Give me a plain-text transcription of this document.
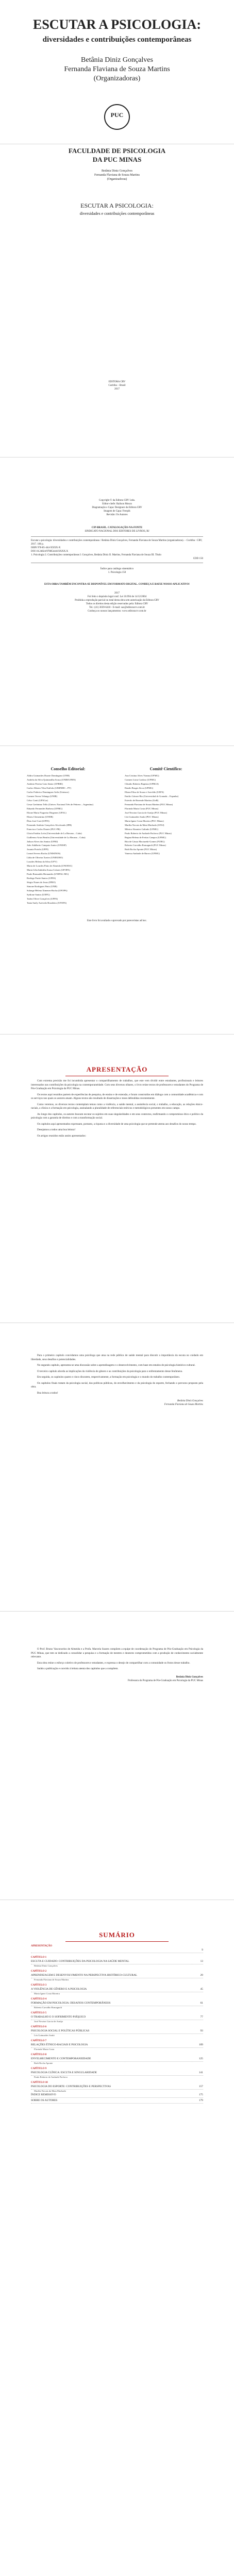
ESCUTAR A PSICOLOGIA:

diversidades e contribuições contemporâneas

Betânia Diniz Gonçalves
Fernanda Flaviana de Souza Martins
(Organizadoras)
PUC
FACULDADE DE PSICOLOGIA
DA PUC MINAS
Betânia Diniz Gonçalves
Fernanda Flaviana de Souza Martins
(Organizadoras)
ESCUTAR A PSICOLOGIA:
diversidades e contribuições contemporâneas
EDITORA CRV
Curitiba – Brasil
2017
Copyright © da Editora CRV Ltda.
Editor-chefe: Railson Moura
Diagramação e Capa: Designers da Editora CRV
Imagem de Capa: Freepik
Revisão: Os Autores
CIP-BRASIL. CATALOGAÇÃO-NA-FONTE
SINDICATO NACIONAL DOS EDITORES DE LIVROS, RJ
Escutar a psicologia: diversidades e contribuições contemporâneas / Betânia Diniz Gonçalves, Fernanda Flaviana de Souza Martins (organizadoras). – Curitiba : CRV, 2017. 186 p.
ISBN 978-85-444-XXXX-X
DOI 10.24824/978854441XXXX.X
1. Psicologia 2. Contribuições contemporâneas I. Gonçalves, Betânia Diniz II. Martins, Fernanda Flaviana de Souza III. Título
CDD 150
Índice para catálogo sistemático
1. Psicologia 150
ESTA OBRA TAMBÉM ENCONTRA-SE DISPONÍVEL EM FORMATO DIGITAL. CONHEÇA E BAIXE NOSSO APLICATIVO!
2017
Foi feito o depósito legal conf. Lei 10.994 de 14/12/2004
Proibida a reprodução parcial ou total desta obra sem autorização da Editora CRV
Todos os direitos desta edição reservados pela: Editora CRV
Tel.: (41) 3039-6418 - E-mail: sac@editoracrv.com.br
Conheça os nossos lançamentos: www.editoracrv.com.br
Conselho Editorial:

Aldira Guimarães Duarte Domínguez (UNB)

Andréia da Silva Quintanilha Sousa (UNIR/UFRN)

Antônio Pereira Gaio Júnior (UFRRJ)

Carlos Alberto Vilar Estêvão (UMINHO – PT)

Carlos Federico Dominguez Avila (Unieuro)

Carmen Tereza Velanga (UNIR)

Celso Conti (UFSCar)

Cesar Gerônimo Tello (Univer. Nacional Três de Febrero – Argentina)

Eduardo Fernandes Barbosa (UFMG)

Elione Maria Nogueira Diogenes (UFAL)

Elizeu Clementino (UNEB)

Élsio José Corá (UFFS)

Fernando Antônio Gonçalves Alcoforado (IPB)

Francisco Carlos Duarte (PUC-PR)

Gloria Fariñas León (Universidade de La Havana – Cuba)

Guillermo Arias Beatón (Universidade de La Havana – Cuba)

Jailson Alves dos Santos (UFRJ)

João Adalberto Campato Junior (UNESP)

Josania Portela (UFPI)

Leonel Severo Rocha (UNISINOS)

Lídia de Oliveira Xavier (UNIEURO)

Lourdes Helena da Silva (UFV)

Maria de Lourdes Pinto de Almeida (UNOESC)

Maria Lília Imbiriba Sousa Colares (UFOPA)

Paulo Romualdo Hernandes (UNIFAL-MG)

Rodrigo Pratte-Santos (UFES)

Sérgio Nunes de Jesus (IFRO)

Simone Rodrigues Pinto (UNB)

Solange Helena Ximenes-Rocha (UFOPA)

Sydione Santos (UEPG)

Tadeu Oliver Gonçalves (UFPA)

Tania Suely Azevedo Brasileiro (UFOPA)

Comitê Científico:

Ana Cristina Alves Vianna (UFMG)

Carmen Lúcia Cardoso (UFMG)

Cláudio Roberto Baptista (UFRGS)

Danilo Borges Sicca (UFMG)

Eliane Elisa de Souza e Azevêdo (UEFS)

Emilio Gómez-Rio (Universidad de Granada – Espanha)

Estevão de Rezende Martins (UnB)

Fernanda Flaviana de Souza Martins (PUC Minas)

Florinda Maria Costa (PUC Minas)

José Newton Garcia de Araújo (PUC Minas)

Léa Guimarães Souki (PUC Minas)

Maria Ignez Costa Moreira (PUC Minas)

Marília Novais da Mata Machado (UFSJ)

Mônica Abrantes Galindo (UFMG)

Paulo Roberto de Andrade Pacheco (PUC Minas)

Regina Helena de Freitas Campos (UFMG)

Rita de Cássia Maciazeki-Gomes (FURG)

Roberta Carvalho Romagnoli (PUC Minas)

Ruth Rocha Aponte (PUC Minas)

Vanessa Andrade de Barros (UFMG)

Este livro foi avaliado e aprovado por pareceristas ad hoc.
APRESENTAÇÃO

Com extrema precisão me foi incumbida apresentar o compartilhamento de trabalhos, que este vem dividir entre estudantes, profissionais e leitores interessados nas contribuições da psicologia na contemporaneidade. Com seus diversos olhares, o livro reúne textos de professores e estudantes do Programa de Pós-Graduação em Psicologia da PUC Minas.

Os textos aqui reunidos partem de experiências de pesquisa, de ensino e de extensão, e foram construídos em diálogo com a comunidade acadêmica e com os serviços nos quais os autores atuam. Alguns textos são resultado de dissertações e teses defendidas recentemente.

Como veremos, os diversos textos contemplam temas como a violência, a saúde mental, a assistência social, o trabalho, a educação, as relações étnico-raciais, a clínica e a formação em psicologia, assinalando a pluralidade de referenciais teóricos e metodológicos presentes em nosso campo.

Ao longo dos capítulos, os autores buscam escutar os sujeitos em suas singularidades e em seus contextos, reafirmando o compromisso ético e político da psicologia com a garantia de direitos e com a transformação social.

Os capítulos aqui apresentados expressam, portanto, a riqueza e a diversidade de uma psicologia que se pretende atenta aos desafios do nosso tempo.

Desejamos a todos uma boa leitura!

Os artigos reunidos estão assim apresentados:

Para o primeiro capítulo convidamos uma psicóloga que atua na rede pública de saúde mental para discutir a importância da escuta no cuidado em liberdade, seus desafios e potencialidades.

No segundo capítulo, apresenta-se uma discussão sobre a aprendizagem e o desenvolvimento, com base em estudos de psicologia histórico-cultural.

O terceiro capítulo aborda as implicações da violência de gênero e as contribuições da psicologia para o enfrentamento desse fenômeno.

Em seguida, os capítulos quatro e cinco discutem, respectivamente, a formação em psicologia e o mundo do trabalho contemporâneo.

Os capítulos finais tratam da psicologia social, das políticas públicas, do envelhecimento e da psicologia do esporte, fechando o percurso proposto pela obra.

Boa leitura a todos!

Betânia Diniz Gonçalves
Fernanda Flaviana de Souza Martins

O Prof. Bruno Vasconcelos de Almeida e a Profa. Marcela Soares compõem a equipe de coordenação do Programa de Pós-Graduação em Psicologia da PUC Minas, que tem se dedicado a consolidar a pesquisa e a formação de mestres e doutores comprometidos com a produção de conhecimento socialmente relevante.

Esta obra reúne o esforço coletivo de professores e estudantes, e expressa o desejo de compartilhar com a comunidade os frutos desse trabalho.

Saúdo a publicação e convido à leitura atenta dos capítulos que a compõem.

Betânia Diniz Gonçalves
Professora do Programa de Pós-Graduação em Psicologia da PUC Minas
SUMÁRIO
APRESENTAÇÃO
9
CAPÍTULO 1
ESCUTA E CUIDADO: CONTRIBUIÇÕES DA PSICOLOGIA NA SAÚDE MENTAL	13
Betânia Diniz Gonçalves
CAPÍTULO 2
APRENDIZAGEM E DESENVOLVIMENTO NA PERSPECTIVA HISTÓRICO-CULTURAL	29
Fernanda Flaviana de Souza Martins
CAPÍTULO 3
A VIOLÊNCIA DE GÊNERO E A PSICOLOGIA	45
Maria Ignez Costa Moreira
CAPÍTULO 4
FORMAÇÃO EM PSICOLOGIA: DESAFIOS CONTEMPORÂNEOS	61
Roberta Carvalho Romagnoli
CAPÍTULO 5
O TRABALHO E O SOFRIMENTO PSÍQUICO	77
José Newton Garcia de Araújo
CAPÍTULO 6
PSICOLOGIA SOCIAL E POLÍTICAS PÚBLICAS	93
Léa Guimarães Souki
CAPÍTULO 7
RELAÇÕES ÉTNICO-RACIAIS E PSICOLOGIA	109
Florinda Maria Costa
CAPÍTULO 8
ENVELHECIMENTO E CONTEMPORANEIDADE	125
Ruth Rocha Aponte
CAPÍTULO 9
PSICOLOGIA CLÍNICA: ESCUTA E SINGULARIDADE	141
Paulo Roberto de Andrade Pacheco
CAPÍTULO 10
PSICOLOGIA DO ESPORTE: CONTRIBUIÇÕES E PERSPECTIVAS	157
Marília Novais da Mata Machado
ÍNDICE REMISSIVO	175
SOBRE OS AUTORES	179
